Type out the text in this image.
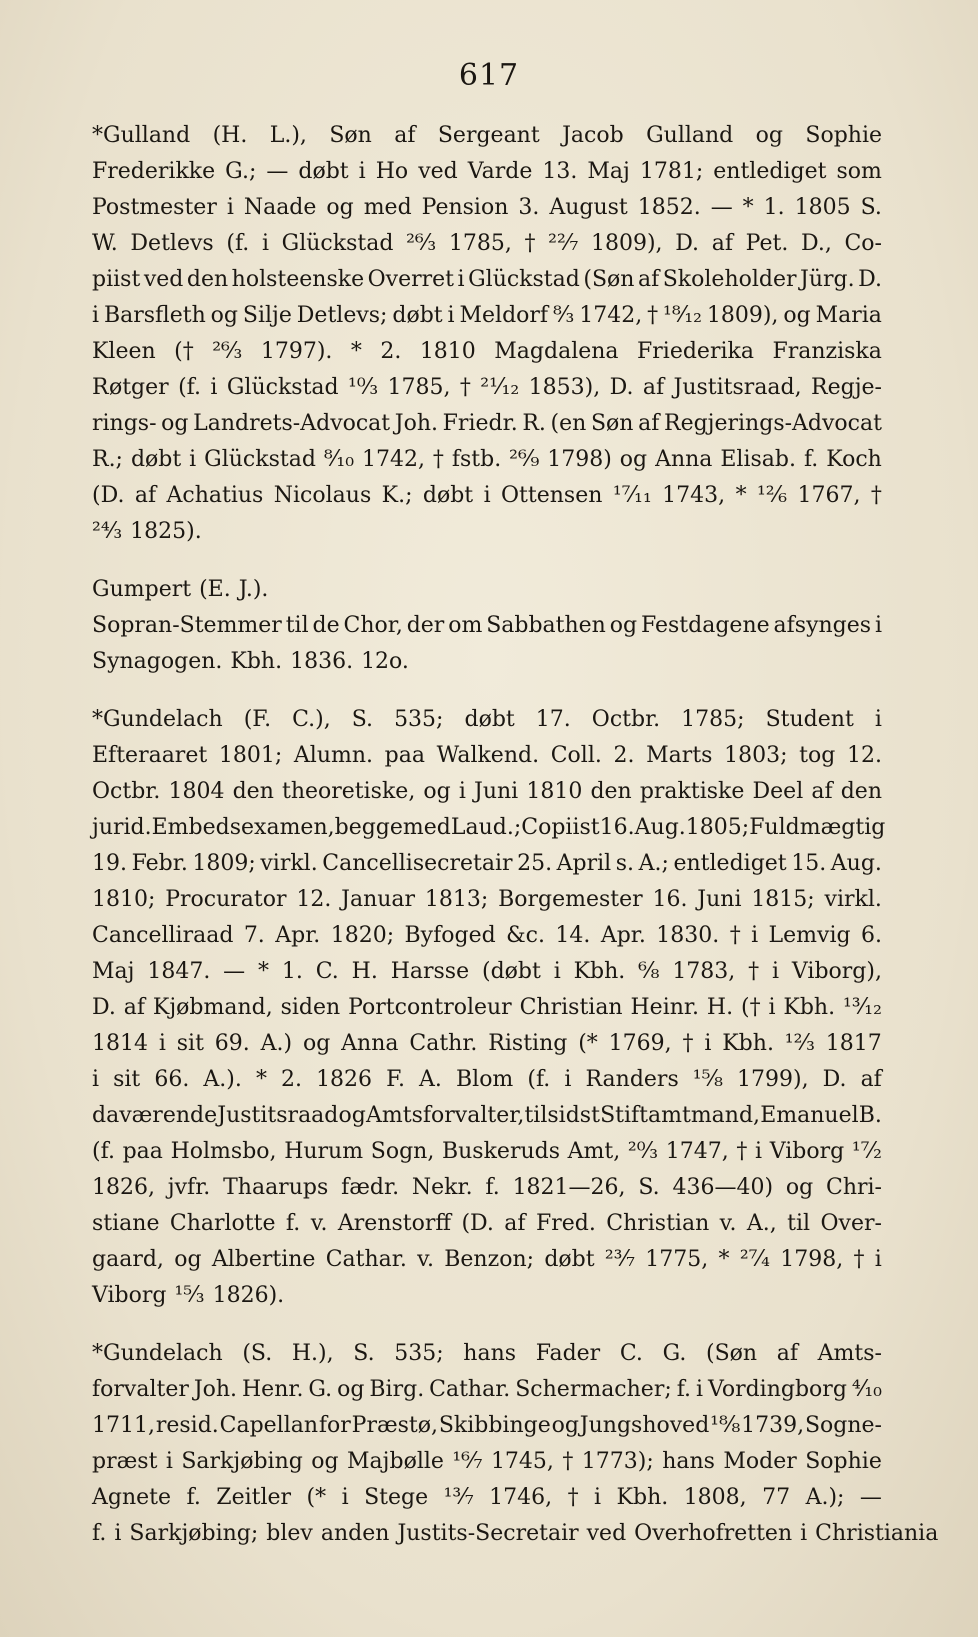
617
*Gulland (H. L.), Søn af Sergeant Jacob Gulland og Sophie
Frederikke G.; — døbt i Ho ved Varde 13. Maj 1781; entlediget som
Postmester i Naade og med Pension 3. August 1852. — * 1. 1805 S.
W. Detlevs (f. i Glückstad ²⁶⁄₃ 1785, † ²²⁄₇ 1809), D. af Pet. D., Co-
piist ved den holsteenske Overret i Glückstad (Søn af Skoleholder Jürg. D.
i Barsfleth og Silje Detlevs; døbt i Meldorf ⁸⁄₃ 1742, † ¹⁸⁄₁₂ 1809), og Maria
Kleen († ²⁶⁄₃ 1797). * 2. 1810 Magdalena Friederika Franziska
Røtger (f. i Glückstad ¹⁰⁄₃ 1785, † ²¹⁄₁₂ 1853), D. af Justitsraad, Regje-
rings- og Landrets-Advocat Joh. Friedr. R. (en Søn af Regjerings-Advocat
R.; døbt i Glückstad ⁸⁄₁₀ 1742, † fstb. ²⁶⁄₉ 1798) og Anna Elisab. f. Koch
(D. af Achatius Nicolaus K.; døbt i Ottensen ¹⁷⁄₁₁ 1743, * ¹²⁄₆ 1767, †
²⁴⁄₃ 1825).
Gumpert (E. J.).
Sopran-Stemmer til de Chor, der om Sabbathen og Festdagene afsynges i
Synagogen. Kbh. 1836. 12o.
*Gundelach (F. C.), S. 535; døbt 17. Octbr. 1785; Student i
Efteraaret 1801; Alumn. paa Walkend. Coll. 2. Marts 1803; tog 12.
Octbr. 1804 den theoretiske, og i Juni 1810 den praktiske Deel af den
jurid. Embedsexamen, begge med Laud.; Copiist 16. Aug. 1805; Fuldmægtig
19. Febr. 1809; virkl. Cancellisecretair 25. April s. A.; entlediget 15. Aug.
1810; Procurator 12. Januar 1813; Borgemester 16. Juni 1815; virkl.
Cancelliraad 7. Apr. 1820; Byfoged &c. 14. Apr. 1830. † i Lemvig 6.
Maj 1847. — * 1. C. H. Harsse (døbt i Kbh. ⁶⁄₈ 1783, † i Viborg),
D. af Kjøbmand, siden Portcontroleur Christian Heinr. H. († i Kbh. ¹³⁄₁₂
1814 i sit 69. A.) og Anna Cathr. Risting (* 1769, † i Kbh. ¹²⁄₃ 1817
i sit 66. A.). * 2. 1826 F. A. Blom (f. i Randers ¹⁵⁄₈ 1799), D. af
daværende Justitsraad og Amtsforvalter, tilsidst Stiftamtmand, Emanuel B.
(f. paa Holmsbo, Hurum Sogn, Buskeruds Amt, ²⁰⁄₃ 1747, † i Viborg ¹⁷⁄₂
1826, jvfr. Thaarups fædr. Nekr. f. 1821—26, S. 436—40) og Chri-
stiane Charlotte f. v. Arenstorff (D. af Fred. Christian v. A., til Over-
gaard, og Albertine Cathar. v. Benzon; døbt ²³⁄₇ 1775, * ²⁷⁄₄ 1798, † i
Viborg ¹⁵⁄₃ 1826).
*Gundelach (S. H.), S. 535; hans Fader C. G. (Søn af Amts-
forvalter Joh. Henr. G. og Birg. Cathar. Schermacher; f. i Vordingborg ⁴⁄₁₀
1711, resid. Capellan for Præstø, Skibbinge og Jungshoved ¹⁸⁄₈ 1739, Sogne-
præst i Sarkjøbing og Majbølle ¹⁶⁄₇ 1745, † 1773); hans Moder Sophie
Agnete f. Zeitler (* i Stege ¹³⁄₇ 1746, † i Kbh. 1808, 77 A.); —
f. i Sarkjøbing; blev anden Justits-Secretair ved Overhofretten i Christiania
